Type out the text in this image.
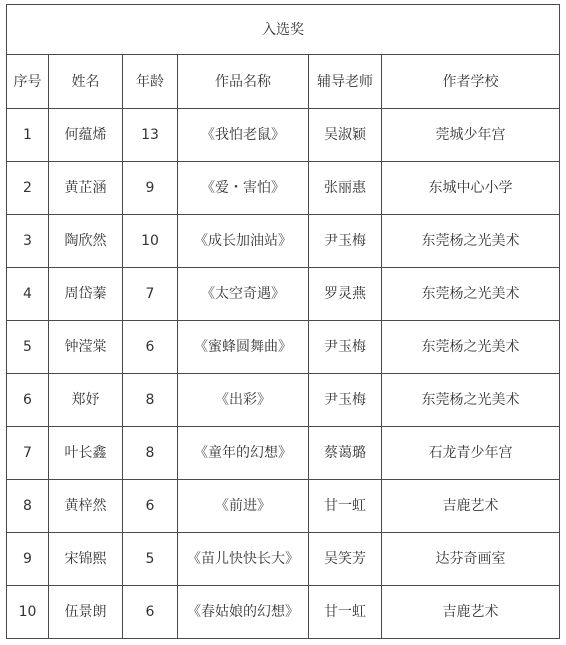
入选奖					
序号	姓名	年龄	作品名称	辅导老师	作者学校
1	何蕴烯	13	《我怕老鼠》	吴淑颖	莞城少年宫
2	黄芷涵	9	《爱・害怕》	张丽惠	东城中心小学
3	陶欣然	10	《成长加油站》	尹玉梅	东莞杨之光美术
4	周岱蓁	7	《太空奇遇》	罗灵燕	东莞杨之光美术
5	钟滢棠	6	《蜜蜂圆舞曲》	尹玉梅	东莞杨之光美术
6	郑妤	8	《出彩》	尹玉梅	东莞杨之光美术
7	叶长鑫	8	《童年的幻想》	蔡蔼璐	石龙青少年宫
8	黄梓然	6	《前进》	甘一虹	吉鹿艺术
9	宋锦熙	5	《苗儿快快长大》	吴笑芳	达芬奇画室
10	伍景朗	6	《春姑娘的幻想》	甘一虹	吉鹿艺术
